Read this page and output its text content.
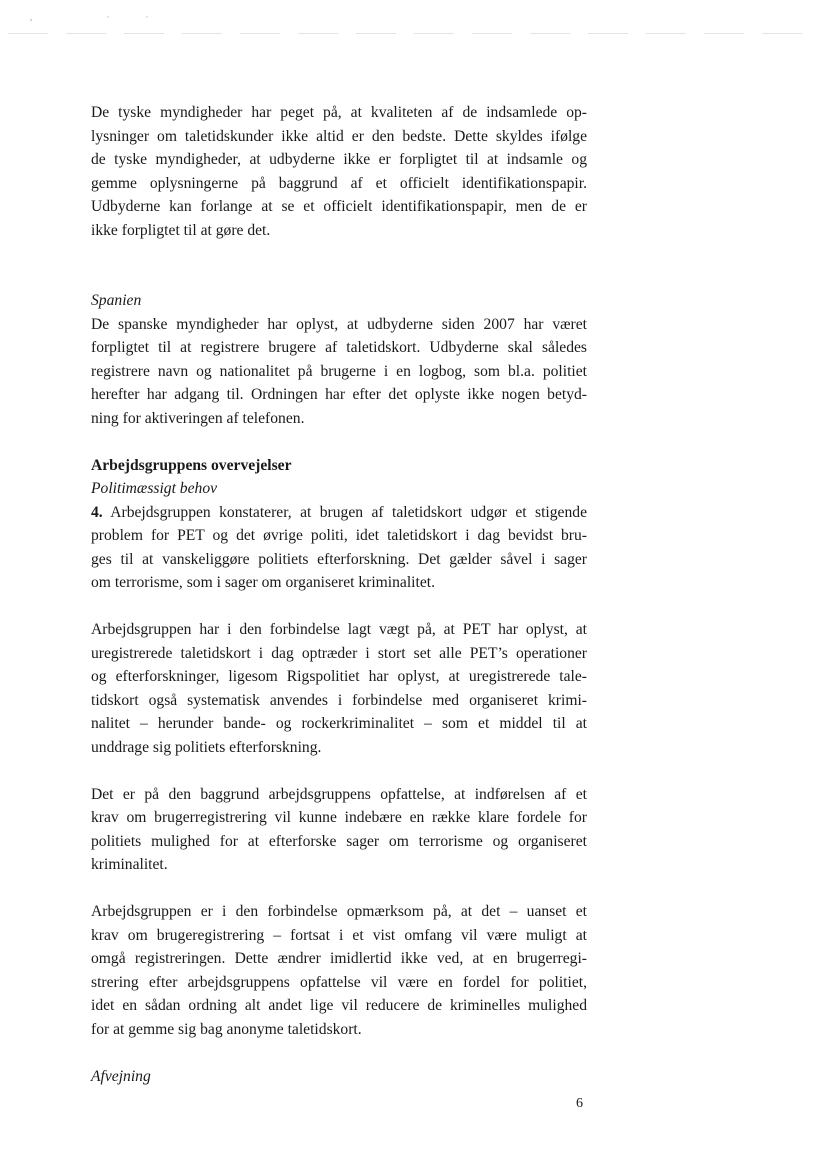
, ··

De tyske myndigheder har peget på, at kvaliteten af de indsamlede op-
lysninger om taletidskunder ikke altid er den bedste. Dette skyldes ifølge
de tyske myndigheder, at udbyderne ikke er forpligtet til at indsamle og
gemme oplysningerne på baggrund af et officielt identifikationspapir.
Udbyderne kan forlange at se et officielt identifikationspapir, men de er
ikke forpligtet til at gøre det.

Spanien

De spanske myndigheder har oplyst, at udbyderne siden 2007 har været
forpligtet til at registrere brugere af taletidskort. Udbyderne skal således
registrere navn og nationalitet på brugerne i en logbog, som bl.a. politiet
herefter har adgang til. Ordningen har efter det oplyste ikke nogen betyd-
ning for aktiveringen af telefonen.

Arbejdsgruppens overvejelser

Politimæssigt behov

4. Arbejdsgruppen konstaterer, at brugen af taletidskort udgør et stigende
problem for PET og det øvrige politi, idet taletidskort i dag bevidst bru-
ges til at vanskeliggøre politiets efterforskning. Det gælder såvel i sager
om terrorisme, som i sager om organiseret kriminalitet.

Arbejdsgruppen har i den forbindelse lagt vægt på, at PET har oplyst, at
uregistrerede taletidskort i dag optræder i stort set alle PET’s operationer
og efterforskninger, ligesom Rigspolitiet har oplyst, at uregistrerede tale-
tidskort også systematisk anvendes i forbindelse med organiseret krimi-
nalitet – herunder bande- og rockerkriminalitet – som et middel til at
unddrage sig politiets efterforskning.

Det er på den baggrund arbejdsgruppens opfattelse, at indførelsen af et
krav om brugerregistrering vil kunne indebære en række klare fordele for
politiets mulighed for at efterforske sager om terrorisme og organiseret
kriminalitet.

Arbejdsgruppen er i den forbindelse opmærksom på, at det – uanset et
krav om brugeregistrering – fortsat i et vist omfang vil være muligt at
omgå registreringen. Dette ændrer imidlertid ikke ved, at en brugerregi-
strering efter arbejdsgruppens opfattelse vil være en fordel for politiet,
idet en sådan ordning alt andet lige vil reducere de kriminelles mulighed
for at gemme sig bag anonyme taletidskort.

Afvejning

6
